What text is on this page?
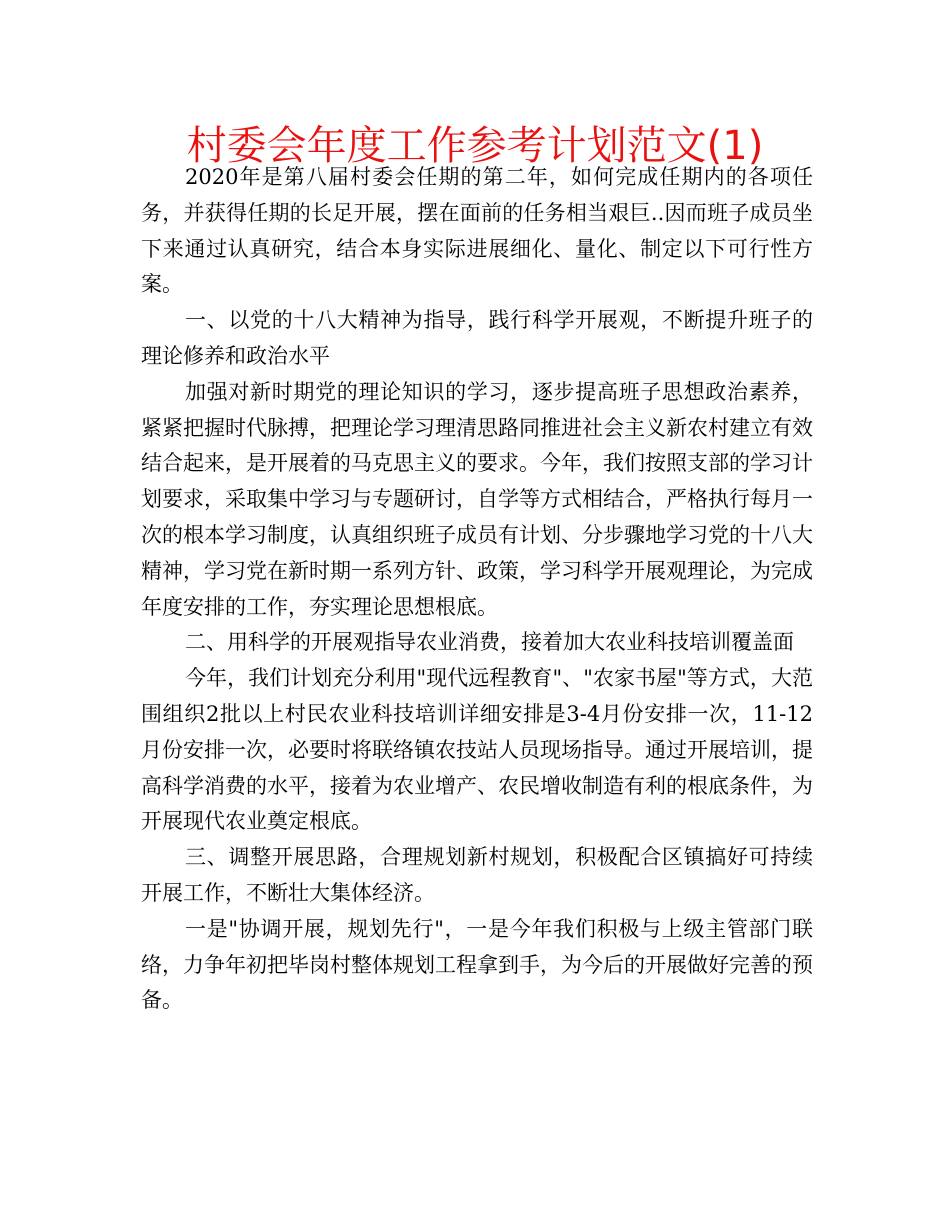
村委会年度工作参考计划范文(1)

2020年是第八届村委会任期的第二年，如何完成任期内的各项任务，并获得任期的长足开展，摆在面前的任务相当艰巨..因而班子成员坐下来通过认真研究，结合本身实际进展细化、量化、制定以下可行性方案。

一、以党的十八大精神为指导，践行科学开展观，不断提升班子的理论修养和政治水平

加强对新时期党的理论知识的学习，逐步提高班子思想政治素养，紧紧把握时代脉搏，把理论学习理清思路同推进社会主义新农村建立有效结合起来，是开展着的马克思主义的要求。今年，我们按照支部的学习计划要求，采取集中学习与专题研讨，自学等方式相结合，严格执行每月一次的根本学习制度，认真组织班子成员有计划、分步骤地学习党的十八大精神，学习党在新时期一系列方针、政策，学习科学开展观理论，为完成年度安排的工作，夯实理论思想根底。

二、用科学的开展观指导农业消费，接着加大农业科技培训覆盖面

今年，我们计划充分利用"现代远程教育"、"农家书屋"等方式，大范围组织2批以上村民农业科技培训详细安排是3-4月份安排一次，11-12月份安排一次，必要时将联络镇农技站人员现场指导。通过开展培训，提高科学消费的水平，接着为农业增产、农民增收制造有利的根底条件，为开展现代农业奠定根底。

三、调整开展思路，合理规划新村规划，积极配合区镇搞好可持续开展工作，不断壮大集体经济。

一是"协调开展，规划先行"，一是今年我们积极与上级主管部门联络，力争年初把毕岗村整体规划工程拿到手，为今后的开展做好完善的预备。
